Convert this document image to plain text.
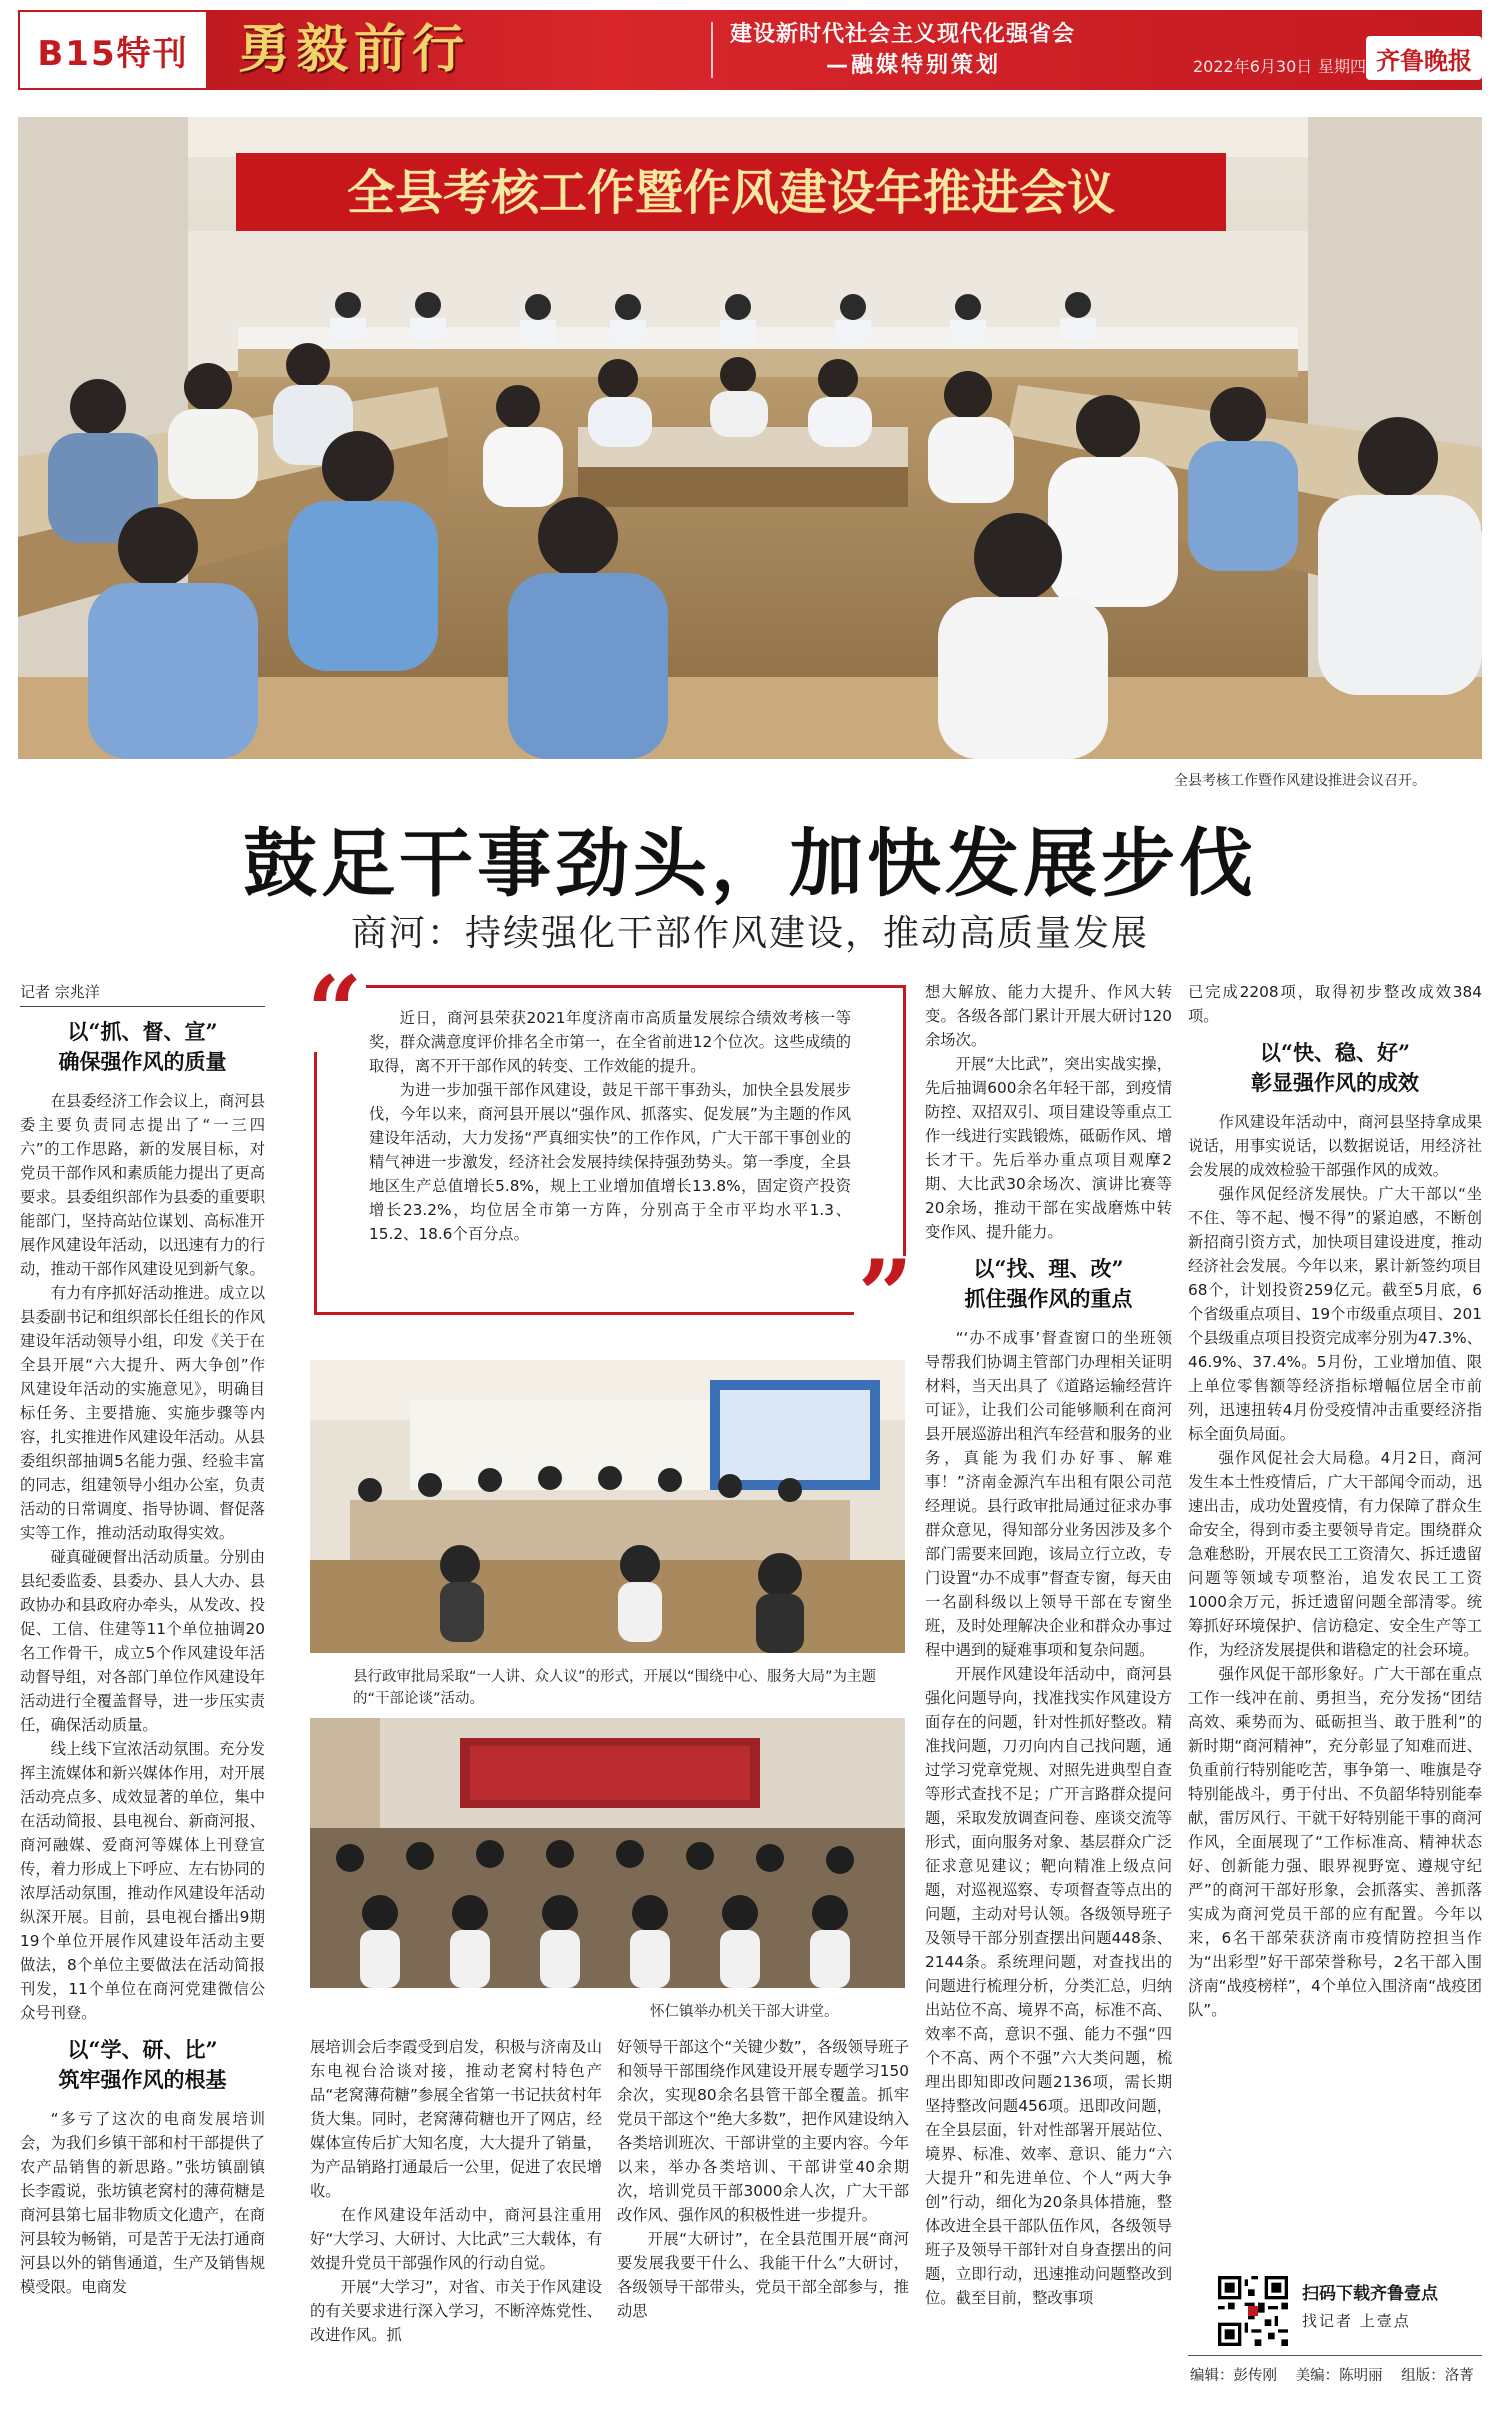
B15特刊 勇毅前行	建设新时代社会主义现代化强省会
—融媒特别策划	2022年6月30日 星期四 齐鲁晚报
全县考核工作暨作风建设年推进会议
全县考核工作暨作风建设推进会议召开。
鼓足干事劲头，加快发展步伐
商河：持续强化干部作风建设，推动高质量发展
记者 宗兆洋
以“抓、督、宣”
确保强作风的质量

在县委经济工作会议上，商河县委主要负责同志提出了“一三四六”的工作思路，新的发展目标，对党员干部作风和素质能力提出了更高要求。县委组织部作为县委的重要职能部门，坚持高站位谋划、高标准开展作风建设年活动，以迅速有力的行动，推动干部作风建设见到新气象。

有力有序抓好活动推进。成立以县委副书记和组织部长任组长的作风建设年活动领导小组，印发《关于在全县开展“六大提升、两大争创”作风建设年活动的实施意见》，明确目标任务、主要措施、实施步骤等内容，扎实推进作风建设年活动。从县委组织部抽调5名能力强、经验丰富的同志，组建领导小组办公室，负责活动的日常调度、指导协调、督促落实等工作，推动活动取得实效。

碰真碰硬督出活动质量。分别由县纪委监委、县委办、县人大办、县政协办和县政府办牵头，从发改、投促、工信、住建等11个单位抽调20名工作骨干，成立5个作风建设年活动督导组，对各部门单位作风建设年活动进行全覆盖督导，进一步压实责任，确保活动质量。

线上线下宣浓活动氛围。充分发挥主流媒体和新兴媒体作用，对开展活动亮点多、成效显著的单位，集中在活动简报、县电视台、新商河报、商河融媒、爱商河等媒体上刊登宣传，着力形成上下呼应、左右协同的浓厚活动氛围，推动作风建设年活动纵深开展。目前，县电视台播出9期19个单位开展作风建设年活动主要做法，8个单位主要做法在活动简报刊发，11个单位在商河党建微信公众号刊登。

以“学、研、比”
筑牢强作风的根基

“多亏了这次的电商发展培训会，为我们乡镇干部和村干部提供了农产品销售的新思路。”张坊镇副镇长李霞说，张坊镇老窝村的薄荷糖是商河县第七届非物质文化遗产，在商河县较为畅销，可是苦于无法打通商河县以外的销售通道，生产及销售规模受限。电商发

“	近日，商河县荣获2021年度济南市高质量发展综合绩效考核一等奖，群众满意度评价排名全市第一，在全省前进12个位次。这些成绩的取得，离不开干部作风的转变、工作效能的提升。

为进一步加强干部作风建设，鼓足干部干事劲头，加快全县发展步伐，今年以来，商河县开展以“强作风、抓落实、促发展”为主题的作风建设年活动，大力发扬“严真细实快”的工作作风，广大干部干事创业的精气神进一步激发，经济社会发展持续保持强劲势头。第一季度，全县地区生产总值增长5.8%，规上工业增加值增长13.8%，固定资产投资增长23.2%，均位居全市第一方阵，分别高于全市平均水平1.3、15.2、18.6个百分点。

”
县行政审批局采取“一人讲、众人议”的形式，开展以“围绕中心、服务大局”为主题的“干部论谈”活动。
怀仁镇举办机关干部大讲堂。

展培训会后李霞受到启发，积极与济南及山东电视台洽谈对接，推动老窝村特色产品“老窝薄荷糖”参展全省第一书记扶贫村年货大集。同时，老窝薄荷糖也开了网店，经媒体宣传后扩大知名度，大大提升了销量，为产品销路打通最后一公里，促进了农民增收。

在作风建设年活动中，商河县注重用好“大学习、大研讨、大比武”三大载体，有效提升党员干部强作风的行动自觉。

开展“大学习”，对省、市关于作风建设的有关要求进行深入学习，不断淬炼党性、改进作风。抓

好领导干部这个“关键少数”，各级领导班子和领导干部围绕作风建设开展专题学习150余次，实现80余名县管干部全覆盖。抓牢党员干部这个“绝大多数”，把作风建设纳入各类培训班次、干部讲堂的主要内容。今年以来，举办各类培训、干部讲堂40余期次，培训党员干部3000余人次，广大干部改作风、强作风的积极性进一步提升。

开展“大研讨”，在全县范围开展“商河要发展我要干什么、我能干什么”大研讨，各级领导干部带头，党员干部全部参与，推动思

想大解放、能力大提升、作风大转变。各级各部门累计开展大研讨120余场次。

开展“大比武”，突出实战实操，先后抽调600余名年轻干部，到疫情防控、双招双引、项目建设等重点工作一线进行实践锻炼，砥砺作风、增长才干。先后举办重点项目观摩2期、大比武30余场次、演讲比赛等20余场，推动干部在实战磨炼中转变作风、提升能力。

以“找、理、改”
抓住强作风的重点

“‘办不成事’督查窗口的坐班领导帮我们协调主管部门办理相关证明材料，当天出具了《道路运输经营许可证》，让我们公司能够顺利在商河县开展巡游出租汽车经营和服务的业务，真能为我们办好事、解难事！”济南金源汽车出租有限公司范经理说。县行政审批局通过征求办事群众意见，得知部分业务因涉及多个部门需要来回跑，该局立行立改，专门设置“办不成事”督查专窗，每天由一名副科级以上领导干部在专窗坐班，及时处理解决企业和群众办事过程中遇到的疑难事项和复杂问题。

开展作风建设年活动中，商河县强化问题导向，找准找实作风建设方面存在的问题，针对性抓好整改。精准找问题，刀刃向内自己找问题，通过学习党章党规、对照先进典型自查等形式查找不足；广开言路群众提问题，采取发放调查问卷、座谈交流等形式，面向服务对象、基层群众广泛征求意见建议；靶向精准上级点问题，对巡视巡察、专项督查等点出的问题，主动对号认领。各级领导班子及领导干部分别查摆出问题448条、2144条。系统理问题，对查找出的问题进行梳理分析，分类汇总，归纳出站位不高、境界不高，标准不高、效率不高，意识不强、能力不强“四个不高、两个不强”六大类问题，梳理出即知即改问题2136项，需长期坚持整改问题456项。迅即改问题，在全县层面，针对性部署开展站位、境界、标准、效率、意识、能力“六大提升”和先进单位、个人“两大争创”行动，细化为20条具体措施，整体改进全县干部队伍作风，各级领导班子及领导干部针对自身查摆出的问题，立即行动，迅速推动问题整改到位。截至目前，整改事项

已完成2208项，取得初步整改成效384项。

以“快、稳、好”
彰显强作风的成效

作风建设年活动中，商河县坚持拿成果说话，用事实说话，以数据说话，用经济社会发展的成效检验干部强作风的成效。

强作风促经济发展快。广大干部以“坐不住、等不起、慢不得”的紧迫感，不断创新招商引资方式，加快项目建设进度，推动经济社会发展。今年以来，累计新签约项目68个，计划投资259亿元。截至5月底，6个省级重点项目、19个市级重点项目、201个县级重点项目投资完成率分别为47.3%、46.9%、37.4%。5月份，工业增加值、限上单位零售额等经济指标增幅位居全市前列，迅速扭转4月份受疫情冲击重要经济指标全面负局面。

强作风促社会大局稳。4月2日，商河发生本土性疫情后，广大干部闻令而动，迅速出击，成功处置疫情，有力保障了群众生命安全，得到市委主要领导肯定。围绕群众急难愁盼，开展农民工工资清欠、拆迁遗留问题等领域专项整治，追发农民工工资1000余万元，拆迁遗留问题全部清零。统筹抓好环境保护、信访稳定、安全生产等工作，为经济发展提供和谐稳定的社会环境。

强作风促干部形象好。广大干部在重点工作一线冲在前、勇担当，充分发扬“团结高效、乘势而为、砥砺担当、敢于胜利”的新时期“商河精神”，充分彰显了知难而进、负重前行特别能吃苦，事争第一、唯旗是夺特别能战斗，勇于付出、不负韶华特别能奉献，雷厉风行、干就干好特别能干事的商河作风，全面展现了“工作标准高、精神状态好、创新能力强、眼界视野宽、遵规守纪严”的商河干部好形象，会抓落实、善抓落实成为商河党员干部的应有配置。今年以来，6名干部荣获济南市疫情防控担当作为“出彩型”好干部荣誉称号，2名干部入围济南“战疫榜样”，4个单位入围济南“战疫团队”。

扫码下载齐鲁壹点
找记者 上壹点
编辑：彭传刚 美编：陈明丽 组版：洛菁
